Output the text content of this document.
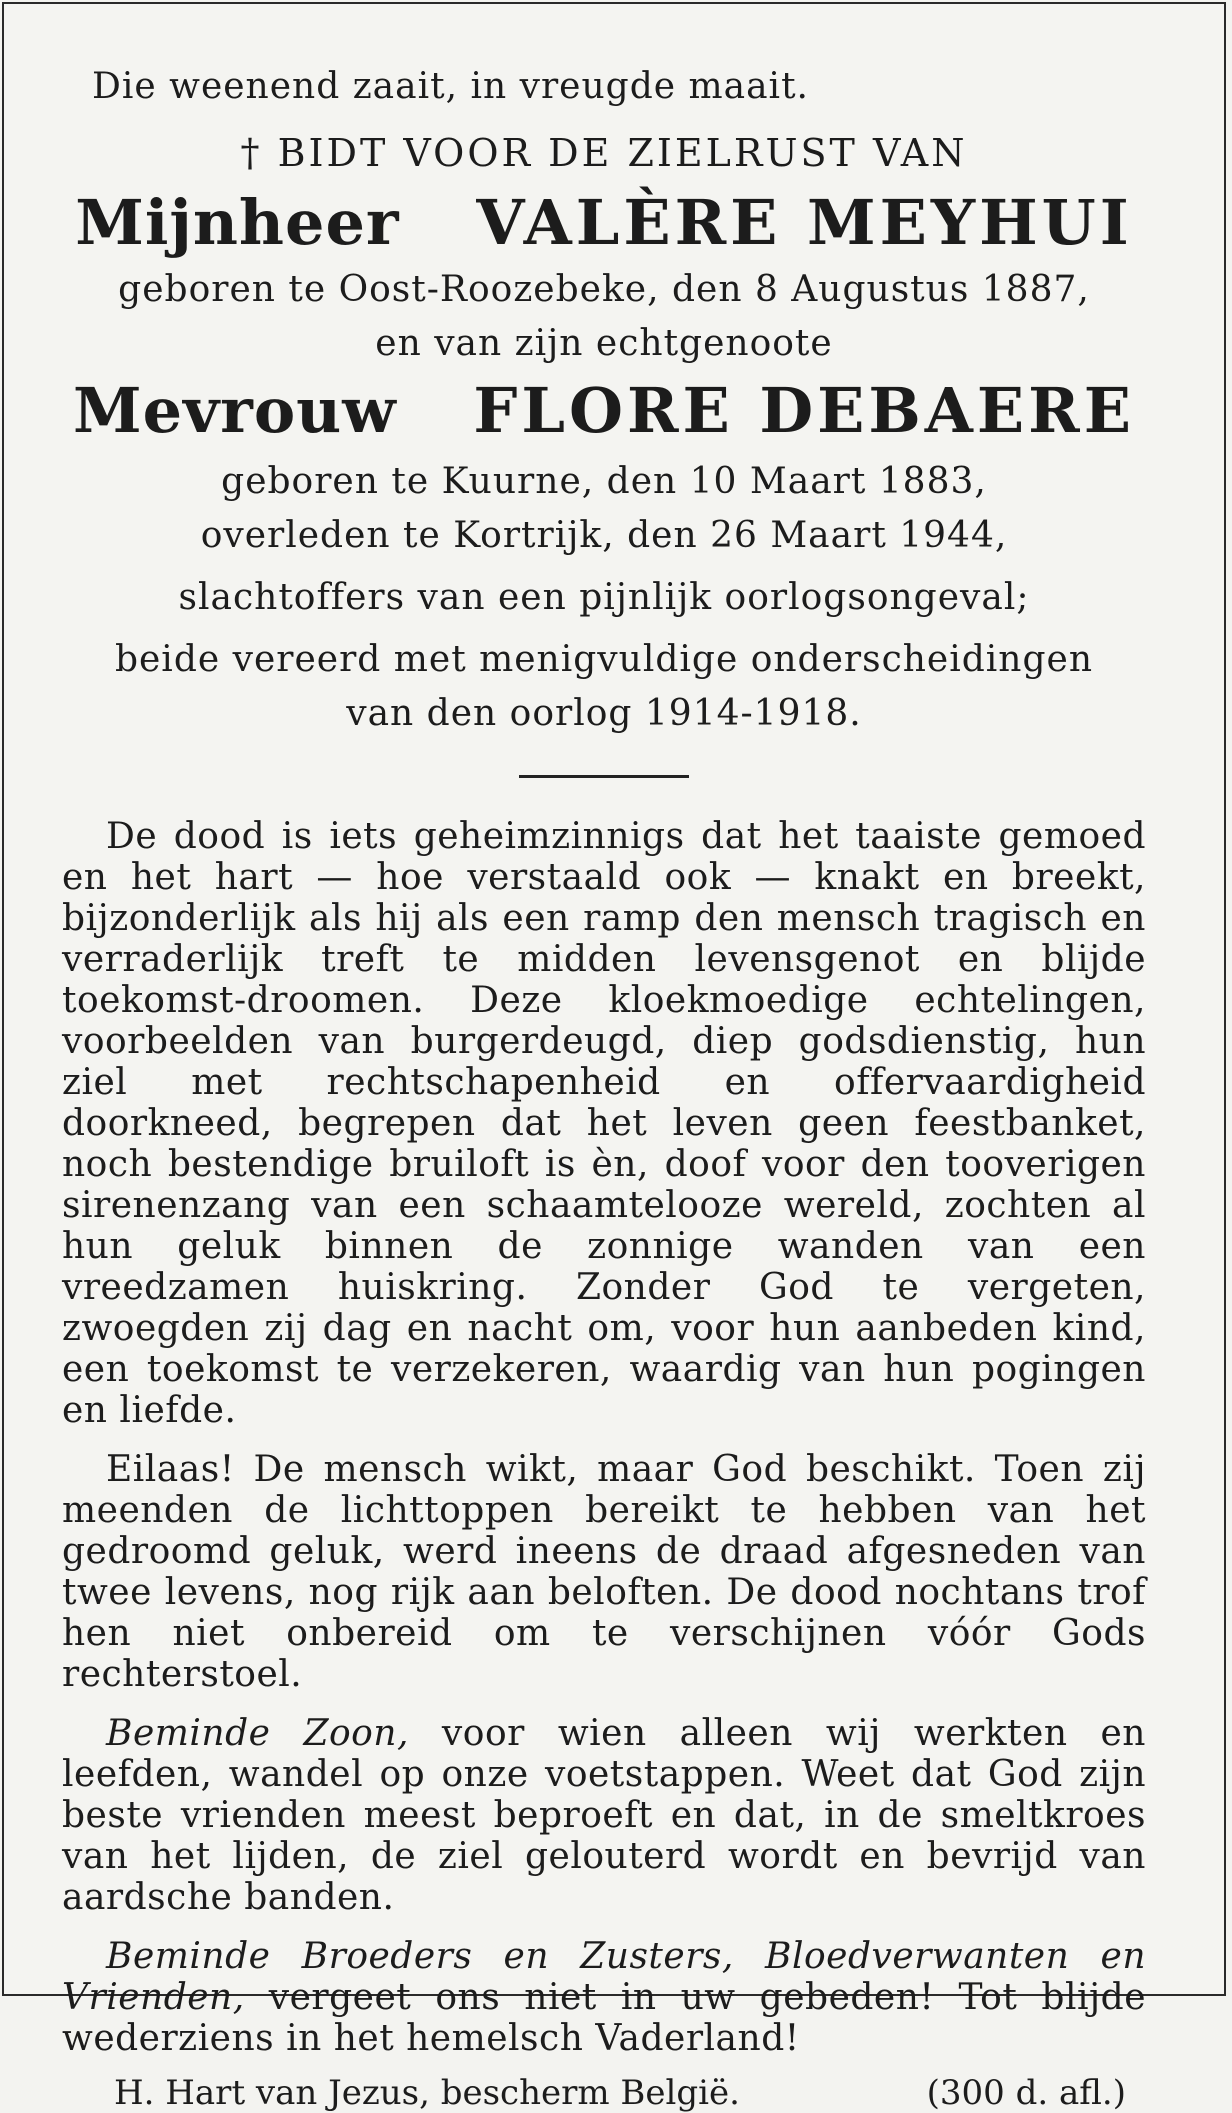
Die weenend zaait, in vreugde maait.
† BIDT VOOR DE ZIELRUST VAN
Mijnheer VALÈRE MEYHUI
geboren te Oost-Roozebeke, den 8 Augustus 1887,
en van zijn echtgenoote
Mevrouw FLORE DEBAERE
geboren te Kuurne, den 10 Maart 1883,
overleden te Kortrijk, den 26 Maart 1944,
slachtoffers van een pijnlijk oorlogsongeval;
beide vereerd met menigvuldige onderscheidingen
van den oorlog 1914-1918.

De dood is iets geheimzinnigs dat het taaiste gemoed en het hart — hoe verstaald ook — knakt en breekt, bijzonderlijk als hij als een ramp den mensch tragisch en verraderlijk treft te midden levensgenot en blijde toekomst-droomen. Deze kloekmoedige echtelingen, voorbeelden van burgerdeugd, diep godsdienstig, hun ziel met rechtschapenheid en offervaardigheid doorkneed, begrepen dat het leven geen feestbanket, noch bestendige bruiloft is èn, doof voor den tooverigen sirenenzang van een schaamtelooze wereld, zochten al hun geluk binnen de zonnige wanden van een vreedzamen huiskring. Zonder God te vergeten, zwoegden zij dag en nacht om, voor hun aanbeden kind, een toekomst te verzekeren, waardig van hun pogingen en liefde.

Eilaas! De mensch wikt, maar God beschikt. Toen zij meenden de lichttoppen bereikt te hebben van het gedroomd geluk, werd ineens de draad afgesneden van twee levens, nog rijk aan beloften. De dood nochtans trof hen niet onbereid om te verschijnen vóór Gods rechterstoel.

Beminde Zoon, voor wien alleen wij werkten en leefden, wandel op onze voetstappen. Weet dat God zijn beste vrienden meest beproeft en dat, in de smeltkroes van het lijden, de ziel gelouterd wordt en bevrijd van aardsche banden.

Beminde Broeders en Zusters, Bloedverwanten en Vrienden, vergeet ons niet in uw gebeden! Tot blijde wederziens in het hemelsch Vaderland!

H. Hart van Jezus, bescherm België.	(300 d. afl.)
